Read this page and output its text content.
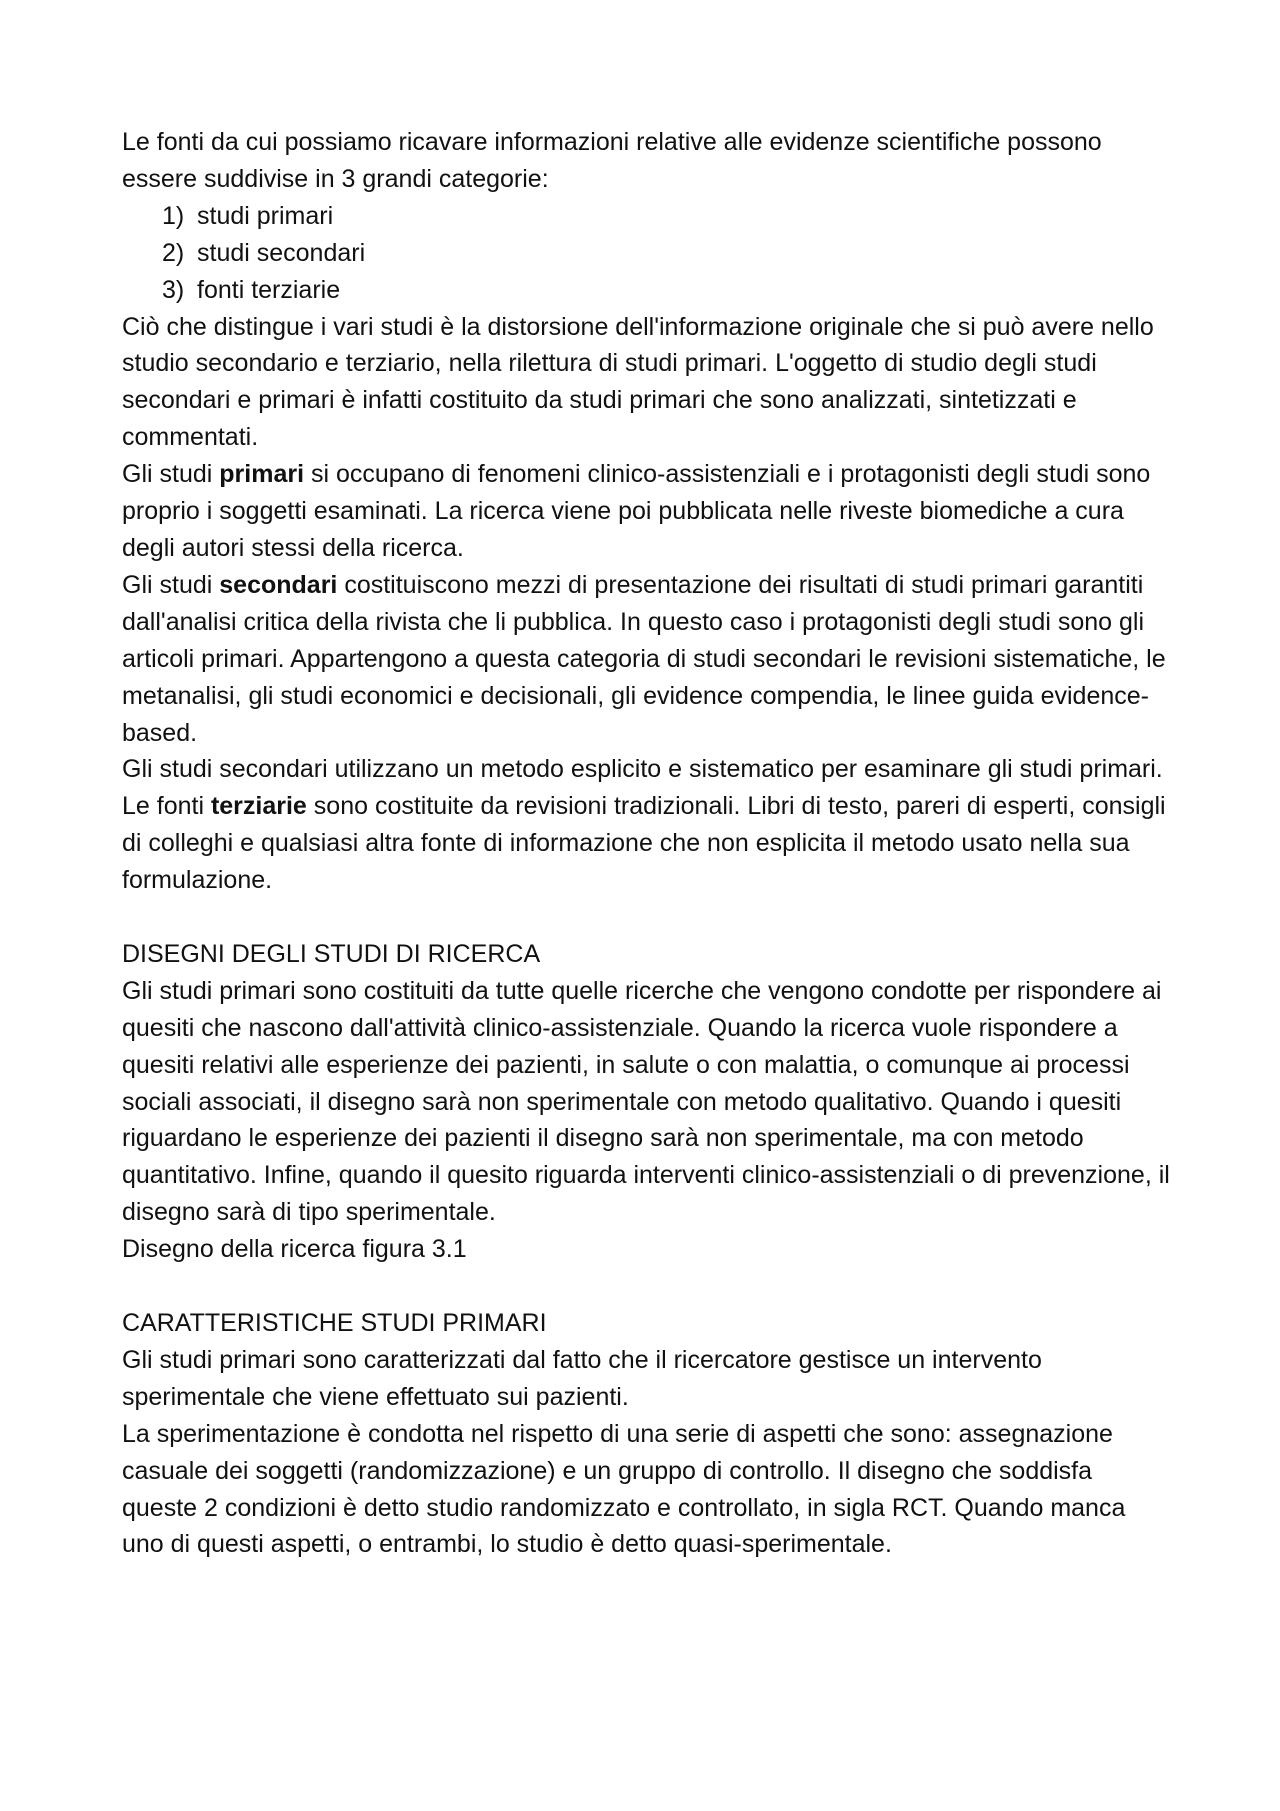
Le fonti da cui possiamo ricavare informazioni relative alle evidenze scientifiche possono essere suddivise in 3 grandi categorie:

1) studi primari
2) studi secondari
3) fonti terziarie

Ciò che distingue i vari studi è la distorsione dell'informazione originale che si può avere nello studio secondario e terziario, nella rilettura di studi primari. L'oggetto di studio degli studi secondari e primari è infatti costituito da studi primari che sono analizzati, sintetizzati e commentati.

Gli studi primari si occupano di fenomeni clinico-assistenziali e i protagonisti degli studi sono proprio i soggetti esaminati. La ricerca viene poi pubblicata nelle riveste biomediche a cura degli autori stessi della ricerca.

Gli studi secondari costituiscono mezzi di presentazione dei risultati di studi primari garantiti dall'analisi critica della rivista che li pubblica. In questo caso i protagonisti degli studi sono gli articoli primari. Appartengono a questa categoria di studi secondari le revisioni sistematiche, le metanalisi, gli studi economici e decisionali, gli evidence compendia, le linee guida evidence-based.

Gli studi secondari utilizzano un metodo esplicito e sistematico per esaminare gli studi primari.

Le fonti terziarie sono costituite da revisioni tradizionali. Libri di testo, pareri di esperti, consigli di colleghi e qualsiasi altra fonte di informazione che non esplicita il metodo usato nella sua formulazione.

DISEGNI DEGLI STUDI DI RICERCA

Gli studi primari sono costituiti da tutte quelle ricerche che vengono condotte per rispondere ai quesiti che nascono dall'attività clinico-assistenziale. Quando la ricerca vuole rispondere a quesiti relativi alle esperienze dei pazienti, in salute o con malattia, o comunque ai processi sociali associati, il disegno sarà non sperimentale con metodo qualitativo. Quando i quesiti riguardano le esperienze dei pazienti il disegno sarà non sperimentale, ma con metodo quantitativo. Infine, quando il quesito riguarda interventi clinico-assistenziali o di prevenzione, il disegno sarà di tipo sperimentale.

Disegno della ricerca figura 3.1

CARATTERISTICHE STUDI PRIMARI

Gli studi primari sono caratterizzati dal fatto che il ricercatore gestisce un intervento sperimentale che viene effettuato sui pazienti.

La sperimentazione è condotta nel rispetto di una serie di aspetti che sono: assegnazione casuale dei soggetti (randomizzazione) e un gruppo di controllo. Il disegno che soddisfa queste 2 condizioni è detto studio randomizzato e controllato, in sigla RCT. Quando manca uno di questi aspetti, o entrambi, lo studio è detto quasi-sperimentale.
